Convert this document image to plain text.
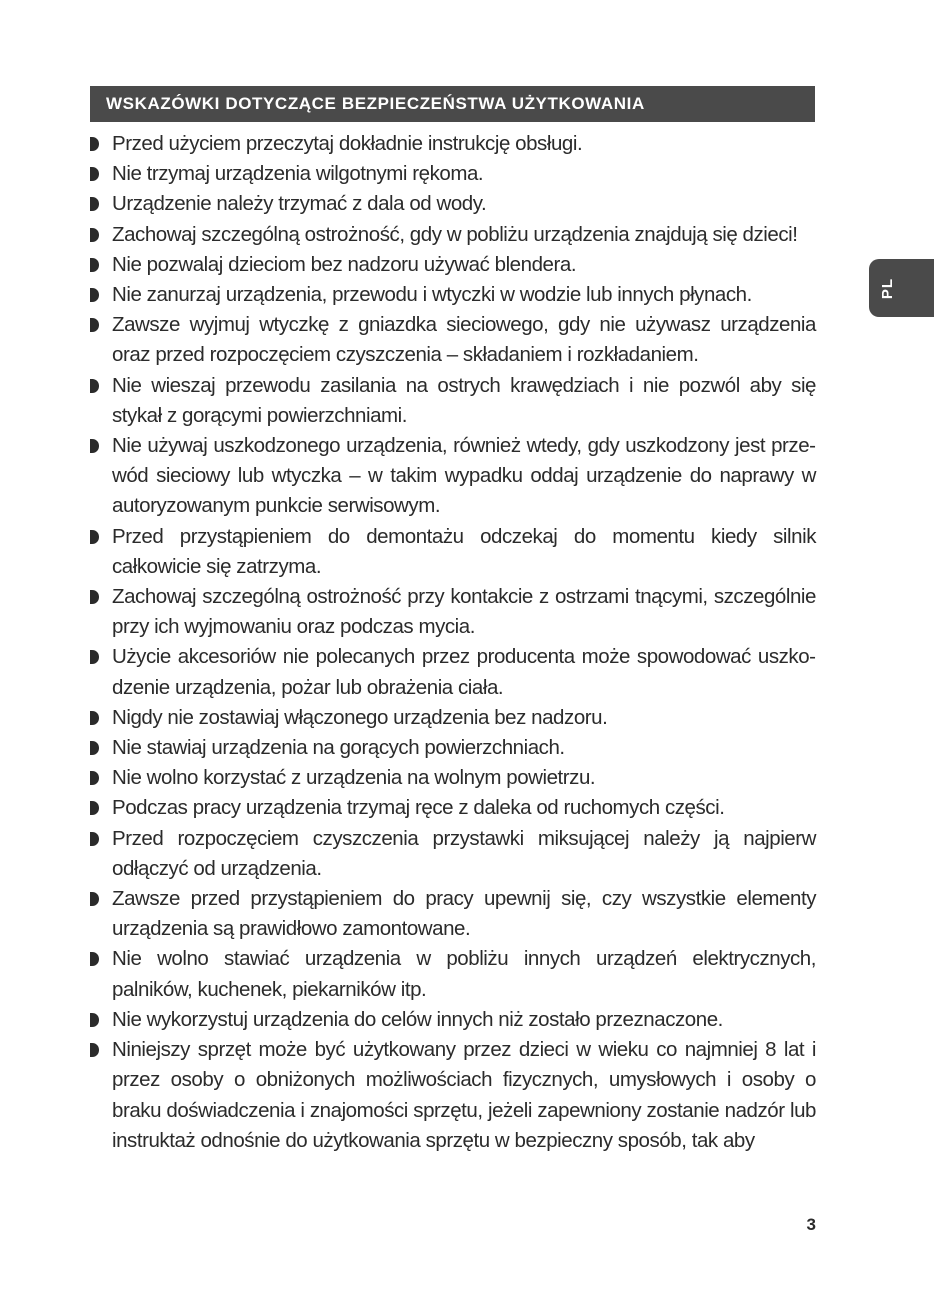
WSKAZÓWKI DOTYCZĄCE BEZPIECZEŃSTWA UŻYTKOWANIA
PL
Przed użyciem przeczytaj dokładnie instrukcję obsługi.
Nie trzymaj urządzenia wilgotnymi rękoma.
Urządzenie należy trzymać z dala od wody.
Zachowaj szczególną ostrożność, gdy w pobliżu urządzenia znajdują się dzieci!
Nie pozwalaj dzieciom bez nadzoru używać blendera.
Nie zanurzaj urządzenia, przewodu i wtyczki w wodzie lub innych płynach.
Zawsze wyjmuj wtyczkę z gniazdka sieciowego, gdy nie używasz urządzenia oraz przed rozpoczęciem czyszczenia – składaniem i rozkładaniem.
Nie wieszaj przewodu zasilania na ostrych krawędziach i nie pozwól aby się stykał z gorącymi powierzchniami.
Nie używaj uszkodzonego urządzenia, również wtedy, gdy uszkodzony jest przewód sieciowy lub wtyczka – w takim wypadku oddaj urządzenie do naprawy w autoryzowanym punkcie serwisowym.
Przed przystąpieniem do demontażu odczekaj do momentu kiedy silnik całkowicie się zatrzyma.
Zachowaj szczególną ostrożność przy kontakcie z ostrzami tnącymi, szczególnie przy ich wyjmowaniu oraz podczas mycia.
Użycie akcesoriów nie polecanych przez producenta może spowodować uszkodzenie urządzenia, pożar lub obrażenia ciała.
Nigdy nie zostawiaj włączonego urządzenia bez nadzoru.
Nie stawiaj urządzenia na gorących powierzchniach.
Nie wolno korzystać z urządzenia na wolnym powietrzu.
Podczas pracy urządzenia trzymaj ręce z daleka od ruchomych części.
Przed rozpoczęciem czyszczenia przystawki miksującej należy ją najpierw odłączyć od urządzenia.
Zawsze przed przystąpieniem do pracy upewnij się, czy wszystkie elementy urządzenia są prawidłowo zamontowane.
Nie wolno stawiać urządzenia w pobliżu innych urządzeń elektrycznych, palników, kuchenek, piekarników itp.
Nie wykorzystuj urządzenia do celów innych niż zostało przeznaczone.
Niniejszy sprzęt może być użytkowany przez dzieci w wieku co najmniej 8 lat i przez osoby o obniżonych możliwościach fizycznych, umysłowych i osoby o braku doświadczenia i znajomości sprzętu, jeżeli zapewniony zostanie nadzór lub instruktaż odnośnie do użytkowania sprzętu w bezpieczny sposób, tak aby
3
